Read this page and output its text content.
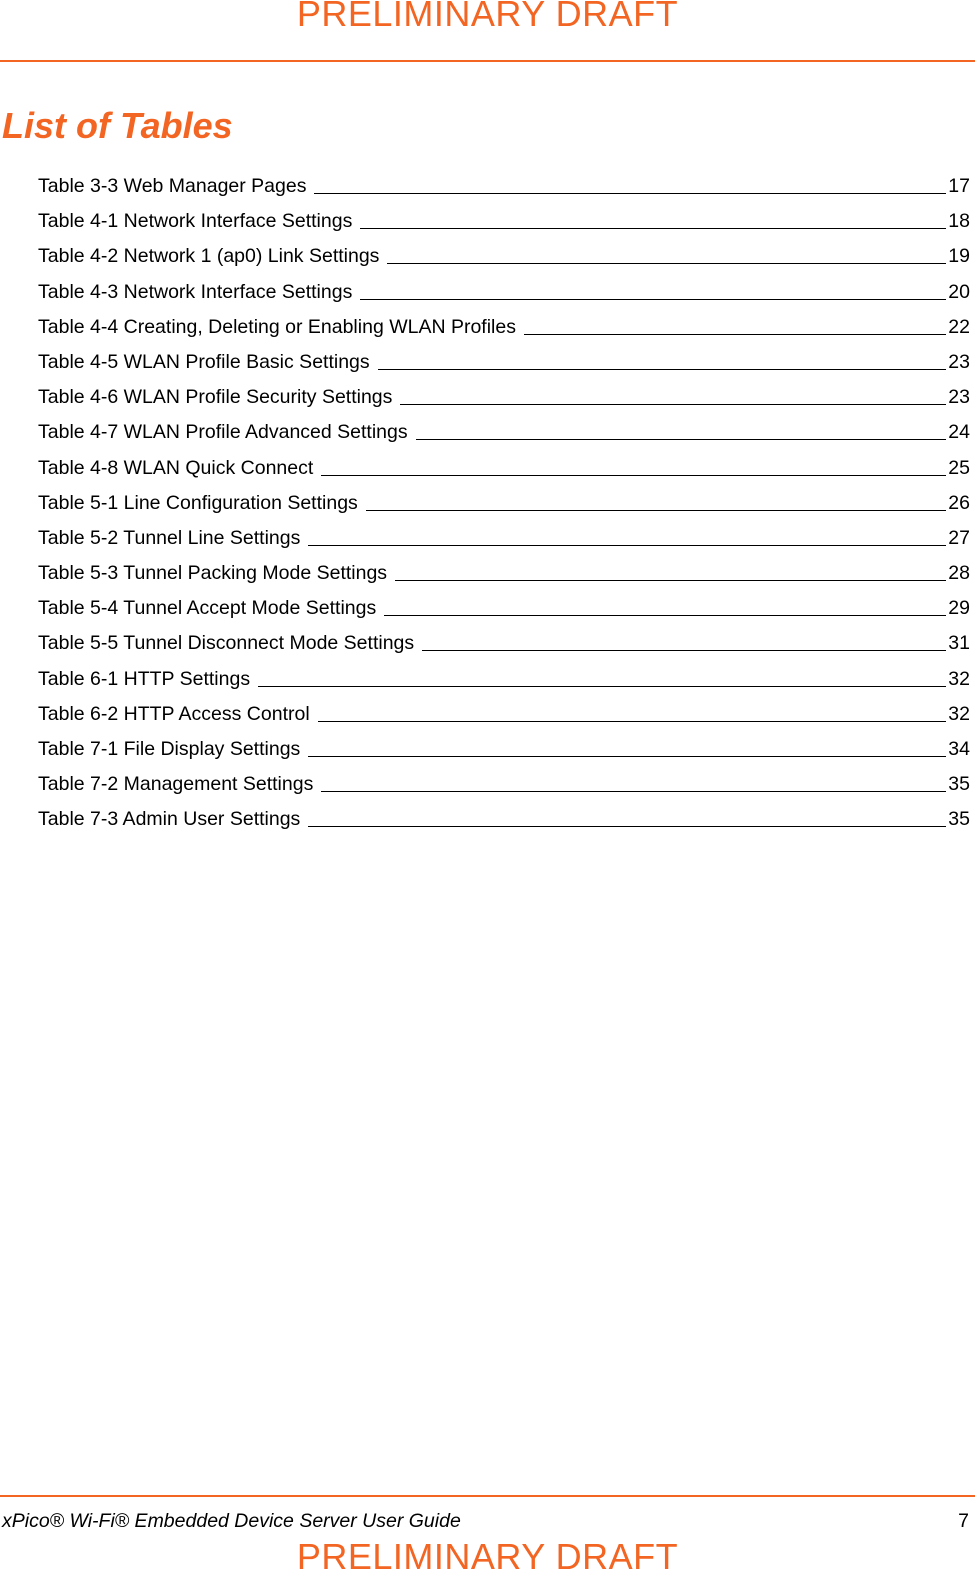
PRELIMINARY DRAFT
List of Tables
Table 3-3 Web Manager Pages	17
Table 4-1 Network Interface Settings	18
Table 4-2 Network 1 (ap0) Link Settings	19
Table 4-3 Network Interface Settings	20
Table 4-4 Creating, Deleting or Enabling WLAN Profiles	22
Table 4-5 WLAN Profile Basic Settings	23
Table 4-6 WLAN Profile Security Settings	23
Table 4-7 WLAN Profile Advanced Settings	24
Table 4-8 WLAN Quick Connect	25
Table 5-1 Line Configuration Settings	26
Table 5-2 Tunnel Line Settings	27
Table 5-3 Tunnel Packing Mode Settings	28
Table 5-4 Tunnel Accept Mode Settings	29
Table 5-5 Tunnel Disconnect Mode Settings	31
Table 6-1 HTTP Settings	32
Table 6-2 HTTP Access Control	32
Table 7-1 File Display Settings	34
Table 7-2 Management Settings	35
Table 7-3 Admin User Settings	35
xPico® Wi-Fi® Embedded Device Server User Guide	7
PRELIMINARY DRAFT
